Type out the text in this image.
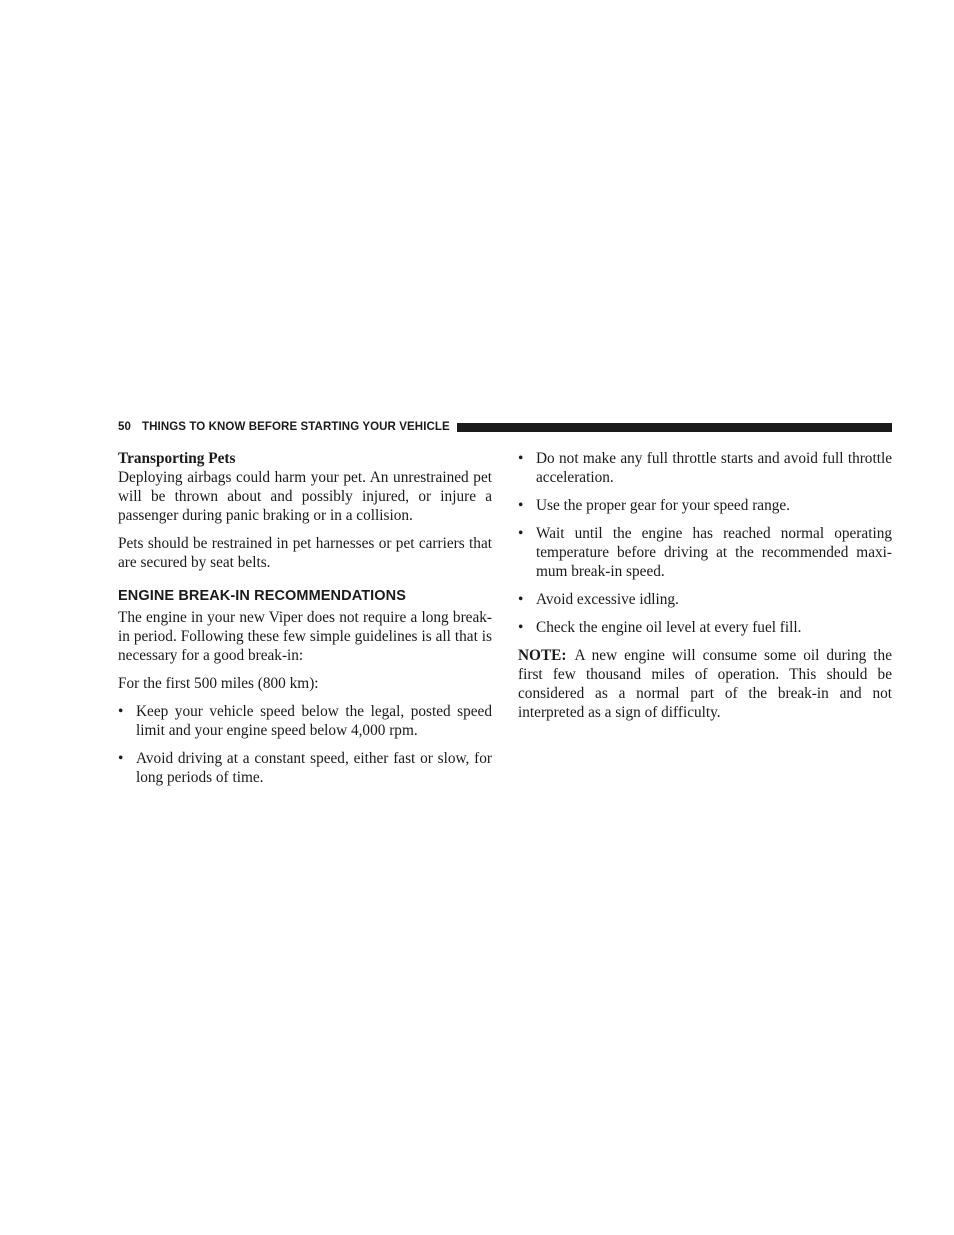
50 THINGS TO KNOW BEFORE STARTING YOUR VEHICLE
Transporting Pets

Deploying airbags could harm your pet. An unrestrained pet will be thrown about and possibly injured, or injure a passenger during panic braking or in a collision.

Pets should be restrained in pet harnesses or pet carriers that are secured by seat belts.

ENGINE BREAK-IN RECOMMENDATIONS

The engine in your new Viper does not require a long break-in period. Following these few simple guidelines is all that is necessary for a good break-in:

For the first 500 miles (800 km):

• Keep your vehicle speed below the legal, posted speed limit and your engine speed below 4,000 rpm.
• Avoid driving at a constant speed, either fast or slow, for long periods of time.
• Do not make any full throttle starts and avoid full throttle acceleration.
• Use the proper gear for your speed range.
• Wait until the engine has reached normal operating temperature before driving at the recommended maxi-mum break-in speed.
• Avoid excessive idling.
• Check the engine oil level at every fuel fill.

NOTE: A new engine will consume some oil during the first few thousand miles of operation. This should be considered as a normal part of the break-in and not interpreted as a sign of difficulty.
